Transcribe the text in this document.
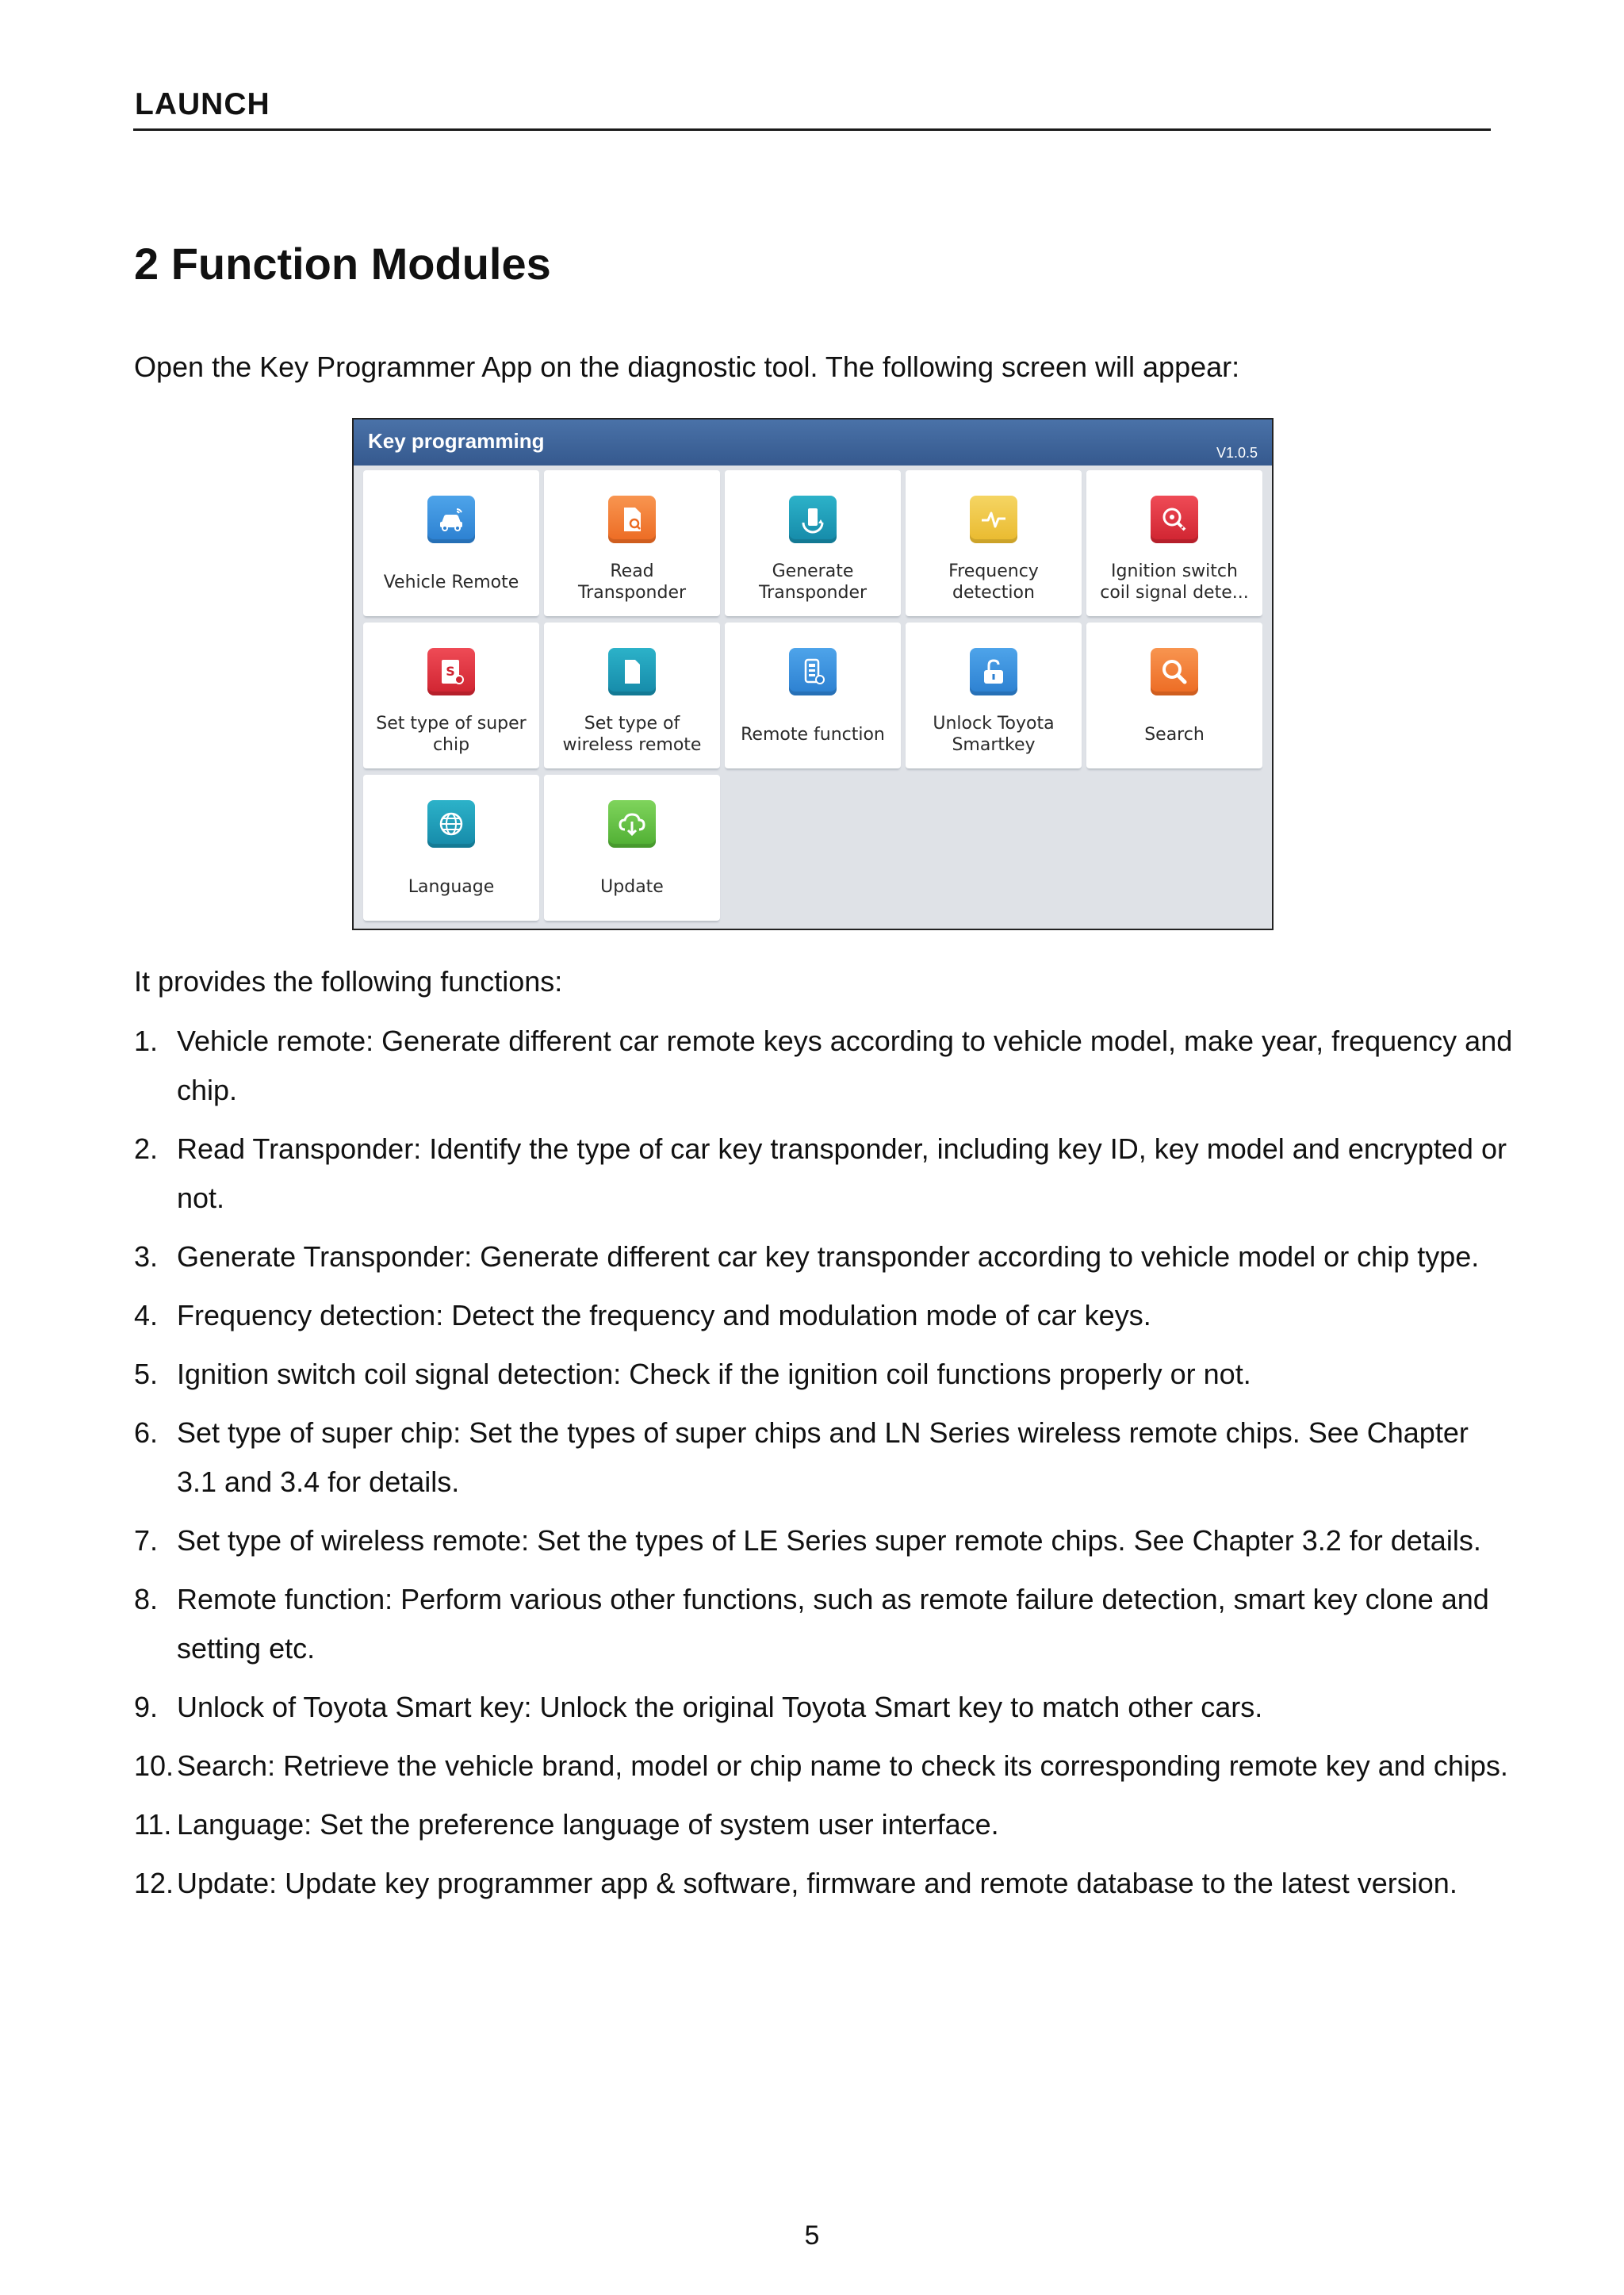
LAUNCH
2 Function Modules
Open the Key Programmer App on the diagnostic tool. The following screen will appear:
Key programming	V1.0.5
Vehicle Remote
Read
Transponder
Generate
Transponder
Frequency
detection
Ignition switch
coil signal dete...
S
Set type of super
chip
Set type of
wireless remote
Remote function
Unlock Toyota
Smartkey
Search
Language	Update
It provides the following functions:
1. Vehicle remote: Generate different car remote keys according to vehicle model, make year, frequency and chip.
2. Read Transponder: Identify the type of car key transponder, including key ID, key model and encrypted or not.
3. Generate Transponder: Generate different car key transponder according to vehicle model or chip type.
4. Frequency detection: Detect the frequency and modulation mode of car keys.
5. Ignition switch coil signal detection: Check if the ignition coil functions properly or not.
6. Set type of super chip: Set the types of super chips and LN Series wireless remote chips. See Chapter 3.1 and 3.4 for details.
7. Set type of wireless remote: Set the types of LE Series super remote chips. See Chapter 3.2 for details.
8. Remote function: Perform various other functions, such as remote failure detection, smart key clone and setting etc.
9. Unlock of Toyota Smart key: Unlock the original Toyota Smart key to match other cars.
10. Search: Retrieve the vehicle brand, model or chip name to check its corresponding remote key and chips.
11. Language: Set the preference language of system user interface.
12. Update: Update key programmer app & software, firmware and remote database to the latest version.
5
